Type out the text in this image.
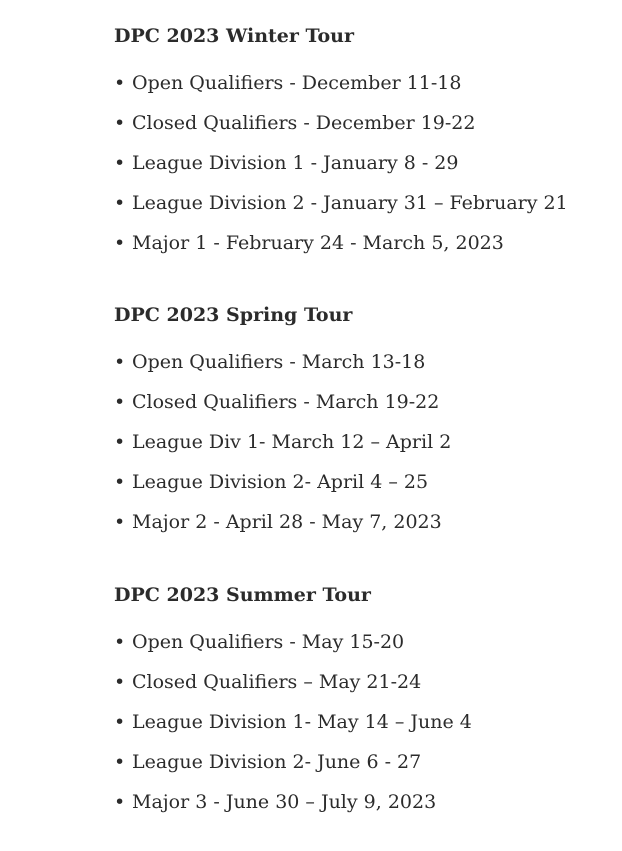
DPC 2023 Winter Tour
• Open Qualifiers - December 11-18
• Closed Qualifiers - December 19-22
• League Division 1 - January 8 - 29
• League Division 2 - January 31 – February 21
• Major 1 - February 24 - March 5, 2023
DPC 2023 Spring Tour
• Open Qualifiers - March 13-18
• Closed Qualifiers - March 19-22
• League Div 1- March 12 – April 2
• League Division 2- April 4 – 25
• Major 2 - April 28 - May 7, 2023
DPC 2023 Summer Tour
• Open Qualifiers - May 15-20
• Closed Qualifiers – May 21-24
• League Division 1- May 14 – June 4
• League Division 2- June 6 - 27
• Major 3 - June 30 – July 9, 2023
